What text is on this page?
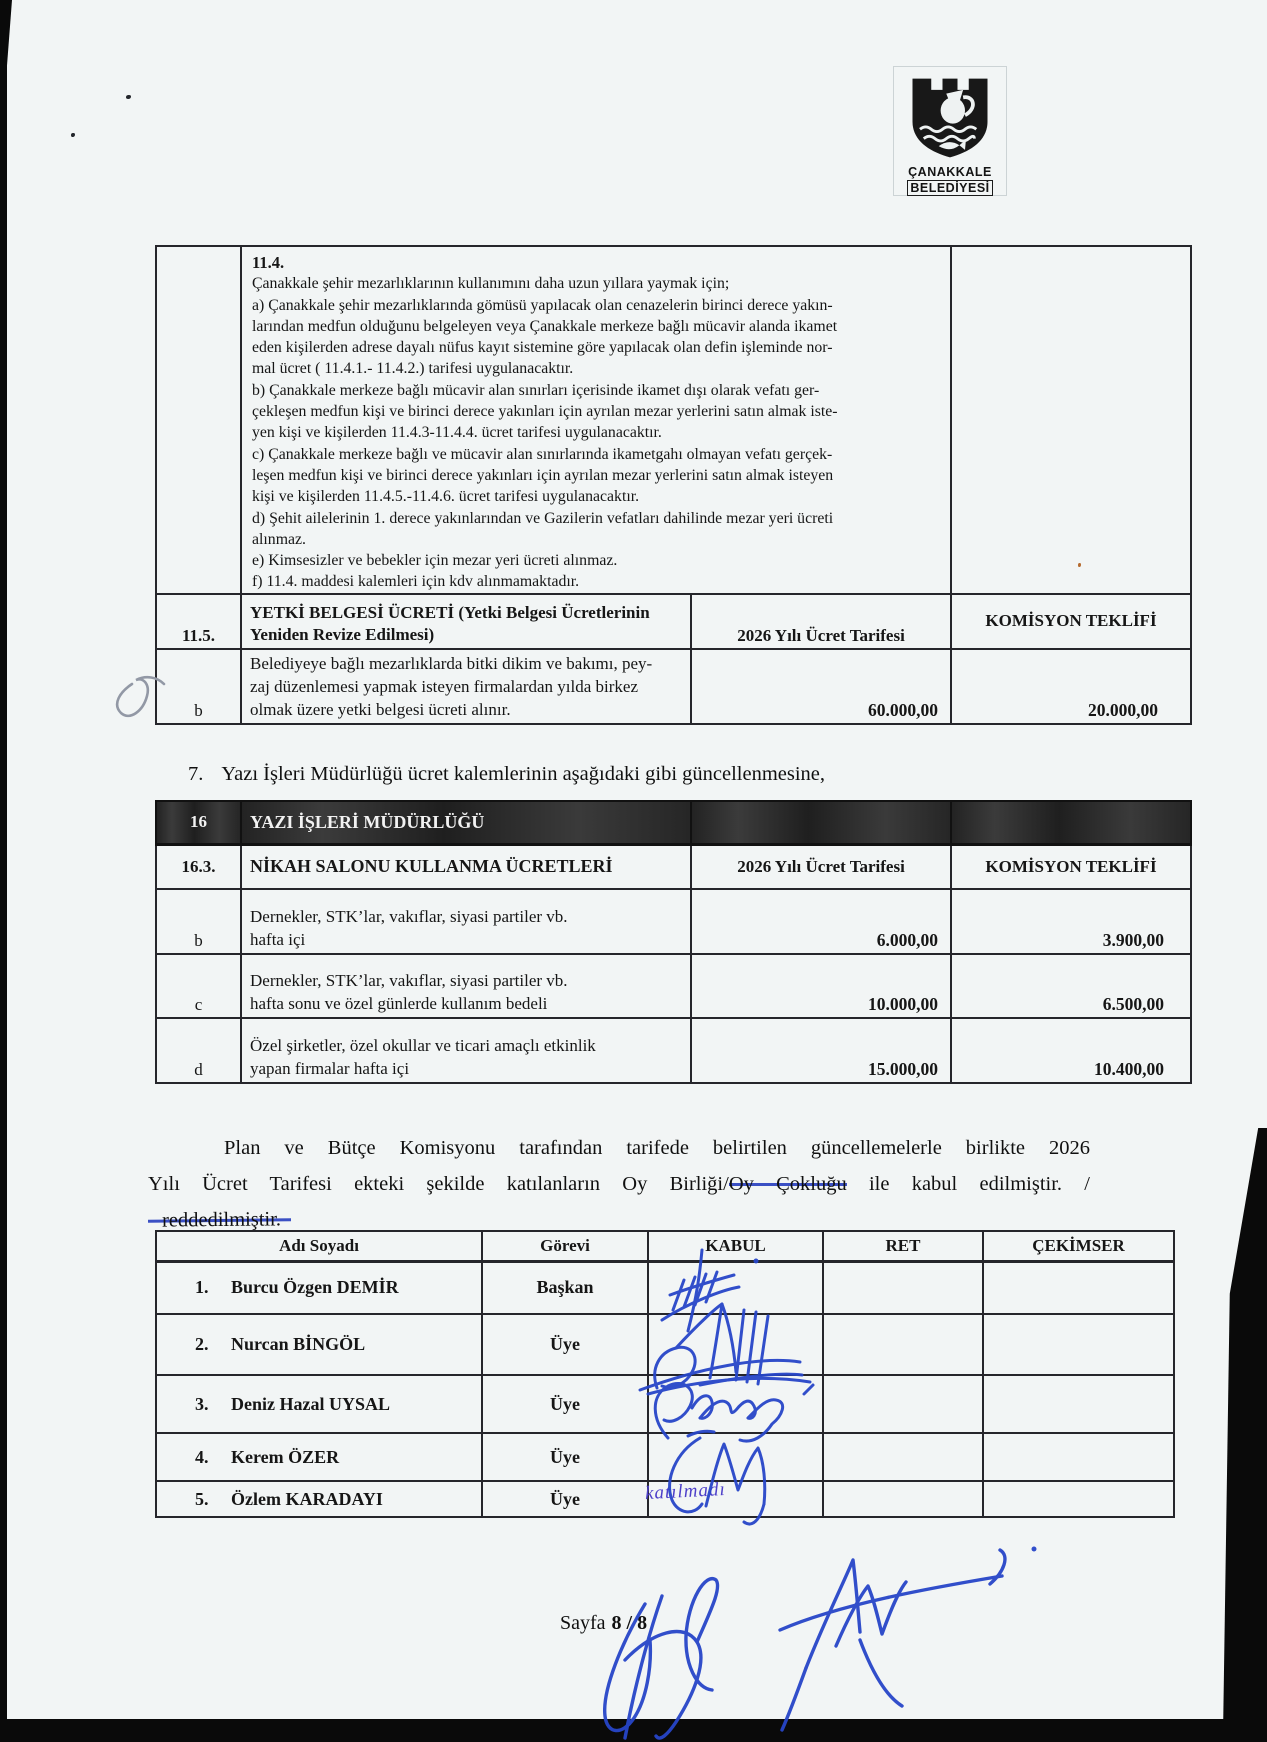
ÇANAKKALE
BELEDİYESİ

11.4.
Çanakkale şehir mezarlıklarının kullanımını daha uzun yıllara yaymak için;
a) Çanakkale şehir mezarlıklarında gömüsü yapılacak olan cenazelerin birinci derece yakın-
larından medfun olduğunu belgeleyen veya Çanakkale merkeze bağlı mücavir alanda ikamet
eden kişilerden adrese dayalı nüfus kayıt sistemine göre yapılacak olan defin işleminde nor-
mal ücret ( 11.4.1.- 11.4.2.) tarifesi uygulanacaktır.
b) Çanakkale merkeze bağlı mücavir alan sınırları içerisinde ikamet dışı olarak vefatı ger-
çekleşen medfun kişi ve birinci derece yakınları için ayrılan mezar yerlerini satın almak iste-
yen kişi ve kişilerden 11.4.3-11.4.4. ücret tarifesi uygulanacaktır.
c) Çanakkale merkeze bağlı ve mücavir alan sınırlarında ikametgahı olmayan vefatı gerçek-
leşen medfun kişi ve birinci derece yakınları için ayrılan mezar yerlerini satın almak isteyen
kişi ve kişilerden 11.4.5.-11.4.6. ücret tarifesi uygulanacaktır.
d) Şehit ailelerinin 1. derece yakınlarından ve Gazilerin vefatları dahilinde mezar yeri ücreti
alınmaz.
e) Kimsesizler ve bebekler için mezar yeri ücreti alınmaz.
f) 11.4. maddesi kalemleri için kdv alınmamaktadır.

11.5.	YETKİ BELGESİ ÜCRETİ (Yetki Belgesi Ücretlerinin
Yeniden Revize Edilmesi)	2026 Yılı Ücret Tarifesi	KOMİSYON TEKLİFİ
b	Belediyeye bağlı mezarlıklarda bitki dikim ve bakımı, pey-
zaj düzenlemesi yapmak isteyen firmalardan yılda birkez
olmak üzere yetki belgesi ücreti alınır.	60.000,00	20.000,00
7. Yazı İşleri Müdürlüğü ücret kalemlerinin aşağıdaki gibi güncellenmesine,
16	YAZI İŞLERİ MÜDÜRLÜĞÜ		
16.3.	NİKAH SALONU KULLANMA ÜCRETLERİ	2026 Yılı Ücret Tarifesi	KOMİSYON TEKLİFİ
b	Dernekler, STK’lar, vakıflar, siyasi partiler vb.
hafta içi	6.000,00	3.900,00
c	Dernekler, STK’lar, vakıflar, siyasi partiler vb.
hafta sonu ve özel günlerde kullanım bedeli	10.000,00	6.500,00
d	Özel şirketler, özel okullar ve ticari amaçlı etkinlik
yapan firmalar hafta içi	15.000,00	10.400,00
Plan ve Bütçe Komisyonu tarafından tarifede belirtilen güncellemelerle birlikte 2026
Yılı Ücret Tarifesi ekteki şekilde katılanların Oy Birliği/Oy Çokluğu ile kabul edilmiştir. /
reddedilmiştir.
Adı Soyadı	Görevi	KABUL	RET	ÇEKİMSER
1. Burcu Özgen DEMİR	Başkan			
2. Nurcan BİNGÖL	Üye			
3. Deniz Hazal UYSAL	Üye			
4. Kerem ÖZER	Üye			
5. Özlem KARADAYI	Üye				katılmadı
Sayfa 8 / 8
